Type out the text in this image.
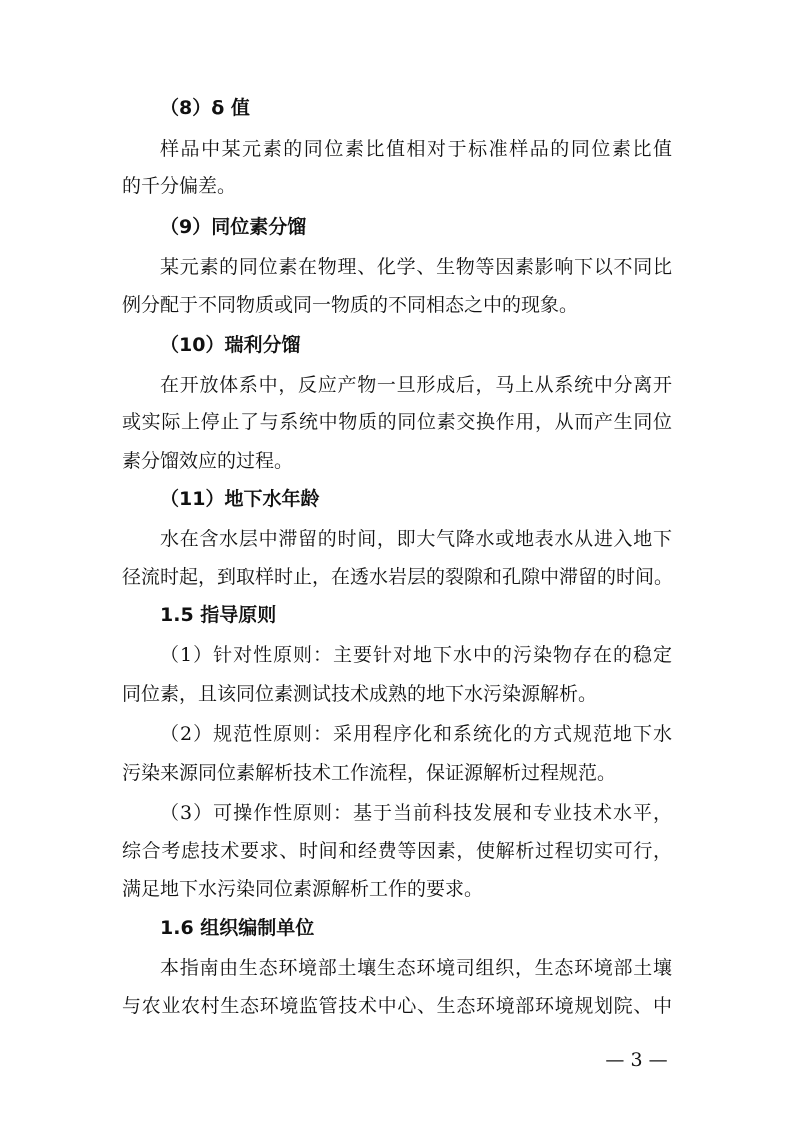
（8）δ 值
样品中某元素的同位素比值相对于标准样品的同位素比值
的千分偏差。
（9）同位素分馏
某元素的同位素在物理、化学、生物等因素影响下以不同比
例分配于不同物质或同一物质的不同相态之中的现象。
（10）瑞利分馏
在开放体系中，反应产物一旦形成后，马上从系统中分离开
或实际上停止了与系统中物质的同位素交换作用，从而产生同位
素分馏效应的过程。
（11）地下水年龄
水在含水层中滞留的时间，即大气降水或地表水从进入地下
径流时起，到取样时止，在透水岩层的裂隙和孔隙中滞留的时间。
1.5 指导原则
（1）针对性原则：主要针对地下水中的污染物存在的稳定
同位素，且该同位素测试技术成熟的地下水污染源解析。
（2）规范性原则：采用程序化和系统化的方式规范地下水
污染来源同位素解析技术工作流程，保证源解析过程规范。
（3）可操作性原则：基于当前科技发展和专业技术水平，
综合考虑技术要求、时间和经费等因素，使解析过程切实可行，
满足地下水污染同位素源解析工作的要求。
1.6 组织编制单位
本指南由生态环境部土壤生态环境司组织，生态环境部土壤
与农业农村生态环境监管技术中心、生态环境部环境规划院、中
— 3 —
